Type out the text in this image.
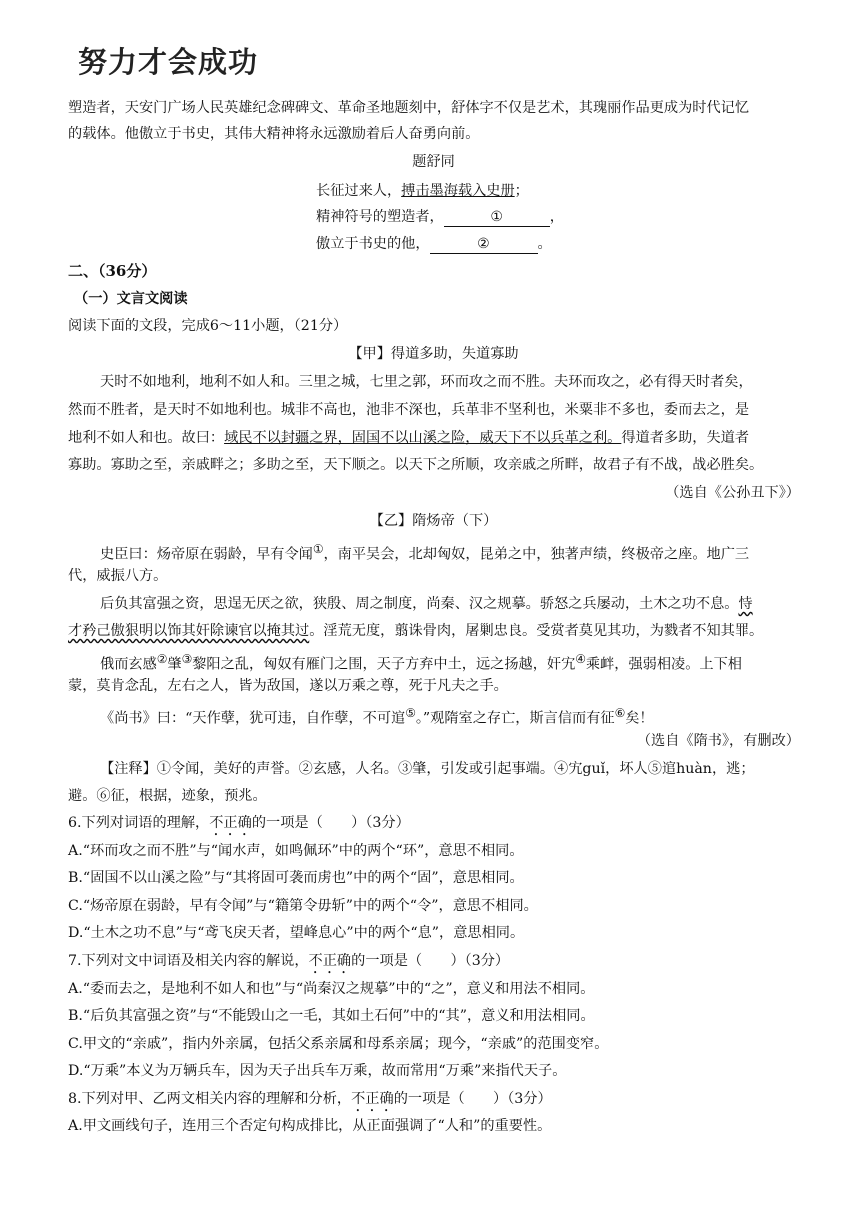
努力才会成功
塑造者，天安门广场人民英雄纪念碑碑文、革命圣地题刻中，舒体字不仅是艺术，其瑰丽作品更成为时代记忆
的载体。他傲立于书史，其伟大精神将永远激励着后人奋勇向前。
题舒同
长征过来人，搏击墨海载入史册；
精神符号的塑造者，	①	，
傲立于书史的他，	②	。
二、（36分）
（一）文言文阅读
阅读下面的文段，完成6～11小题，（21分）
【甲】得道多助，失道寡助
天时不如地利，地利不如人和。三里之城，七里之郭，环而攻之而不胜。夫环而攻之，必有得天时者矣，
然而不胜者，是天时不如地利也。城非不高也，池非不深也，兵革非不坚利也，米粟非不多也，委而去之，是
地利不如人和也。故曰：域民不以封疆之界，固国不以山溪之险，威天下不以兵革之利。得道者多助，失道者
寡助。寡助之至，亲戚畔之；多助之至，天下顺之。以天下之所顺，攻亲戚之所畔，故君子有不战，战必胜矣。
（选自《公孙丑下》）
【乙】隋炀帝（下）
史臣曰：炀帝原在弱龄，早有令闻①，南平吴会，北却匈奴，昆弟之中，独著声绩，终极帝之座。地广三
代，威振八方。
后负其富强之资，思逞无厌之欲，狭殷、周之制度，尚秦、汉之规摹。骄怒之兵屡动，土木之功不息。恃
才矜己傲狠明以饰其奸除谏官以掩其过。淫荒无度，翦诛骨肉，屠剿忠良。受赏者莫见其功，为戮者不知其罪。
俄而玄感②肇③黎阳之乱，匈奴有雁门之围，天子方弃中土，远之扬越，奸宄④乘衅，强弱相凌。上下相
蒙，莫肯念乱，左右之人，皆为敌国，遂以万乘之尊，死于凡夫之手。
《尚书》曰：“天作孽，犹可违，自作孽，不可逭⑤。”观隋室之存亡，斯言信而有征⑥矣！
（选自《隋书》，有删改）
【注释】①令闻，美好的声誉。②玄感，人名。③肇，引发或引起事端。④宄guǐ，坏人⑤逭huàn，逃；
避。⑥征，根据，迹象，预兆。
6.下列对词语的理解，不正确的一项是（　　）（3分）
A.“环而攻之而不胜”与“闻水声，如鸣佩环”中的两个“环”，意思不相同。
B.“固国不以山溪之险”与“其将固可袭而虏也”中的两个“固”，意思相同。
C.“炀帝原在弱龄，早有令闻”与“籍第令毋斩”中的两个“令”，意思不相同。
D.“土木之功不息”与“鸢飞戾天者，望峰息心”中的两个“息”，意思相同。
7.下列对文中词语及相关内容的解说，不正确的一项是（　　）（3分）
A.“委而去之，是地利不如人和也”与“尚秦汉之规摹”中的“之”，意义和用法不相同。
B.“后负其富强之资”与“不能毁山之一毛，其如土石何”中的“其”，意义和用法相同。
C.甲文的“亲戚”，指内外亲属，包括父系亲属和母系亲属；现今，“亲戚”的范围变窄。
D.“万乘”本义为万辆兵车，因为天子出兵车万乘，故而常用“万乘”来指代天子。
8.下列对甲、乙两文相关内容的理解和分析，不正确的一项是（　　）（3分）
A.甲文画线句子，连用三个否定句构成排比，从正面强调了“人和”的重要性。
